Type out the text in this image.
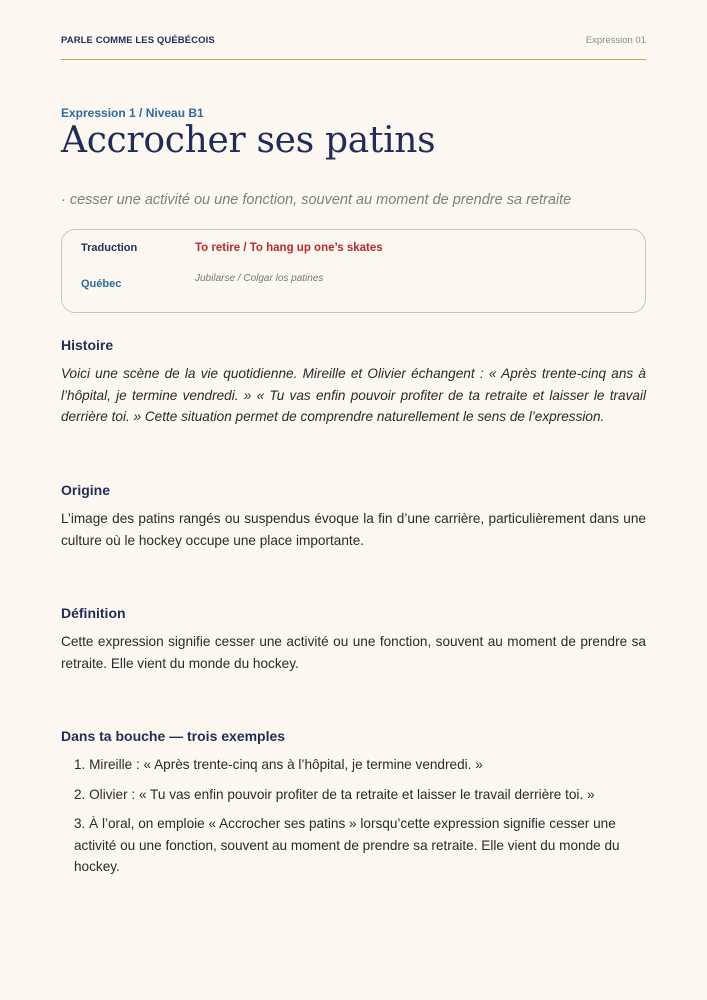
PARLE COMME LES QUÉBÉCOIS	Expression 01
Expression 1 / Niveau B1
Accrocher ses patins
· cesser une activité ou une fonction, souvent au moment de prendre sa retraite
Traduction	To retire / To hang up one’s skates
Québec	Jubilarse / Colgar los patines
Histoire

Voici une scène de la vie quotidienne. Mireille et Olivier échangent : « Après trente-cinq ans à l’hôpital, je termine vendredi. » « Tu vas enfin pouvoir profiter de ta retraite et laisser le travail derrière toi. » Cette situation permet de comprendre naturellement le sens de l’expression.

Origine

L’image des patins rangés ou suspendus évoque la fin d’une carrière, particulièrement dans une culture où le hockey occupe une place importante.

Définition

Cette expression signifie cesser une activité ou une fonction, souvent au moment de prendre sa retraite. Elle vient du monde du hockey.

Dans ta bouche — trois exemples
1. Mireille : « Après trente-cinq ans à l’hôpital, je termine vendredi. »
2. Olivier : « Tu vas enfin pouvoir profiter de ta retraite et laisser le travail derrière toi. »
3. À l’oral, on emploie « Accrocher ses patins » lorsqu’cette expression signifie cesser une activité ou une fonction, souvent au moment de prendre sa retraite. Elle vient du monde du hockey.
